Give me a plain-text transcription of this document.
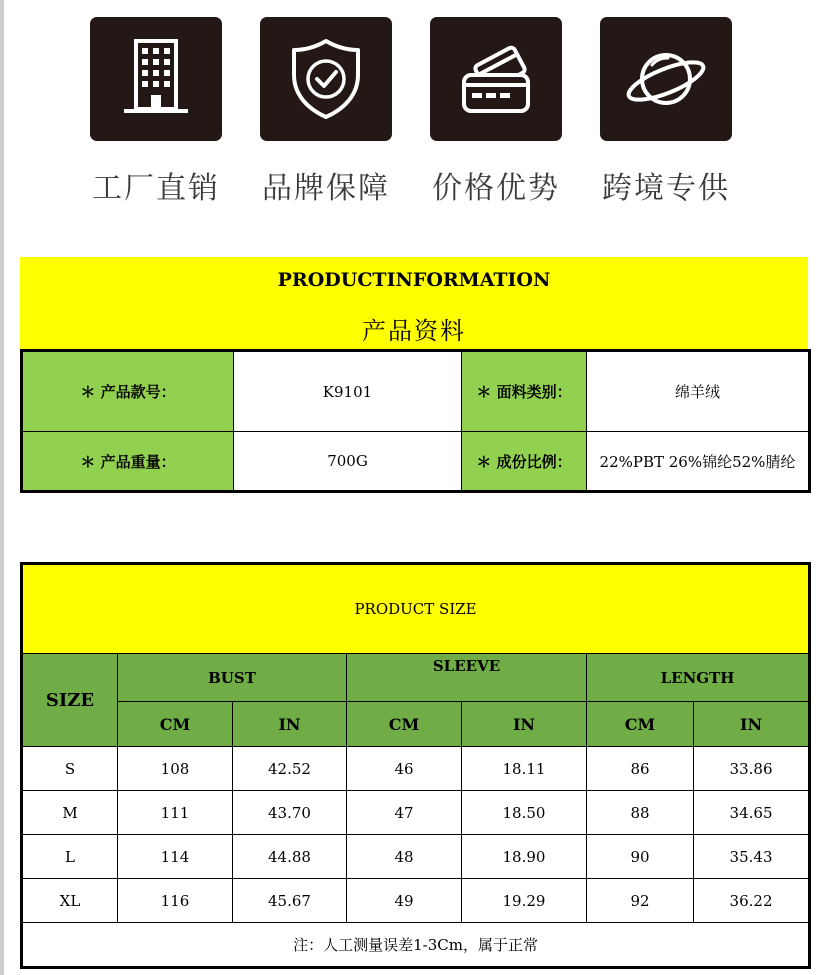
工厂直销	品牌保障	价格优势	跨境专供
PRODUCTINFORMATION
产品资料
＊ 产品款号：	K9101	＊ 面料类别：	绵羊绒
＊ 产品重量：	700G	＊ 成份比例：	22%PBT 26%锦纶52%腈纶
PRODUCT SIZE						
SIZE	BUST		SLEEVE		LENGTH	
	CM	IN	CM	IN	CM	IN
S	108	42.52	46	18.11	86	33.86
M	111	43.70	47	18.50	88	34.65
L	114	44.88	48	18.90	90	35.43
XL	116	45.67	49	19.29	92	36.22
注：人工测量误差1-3Cm，属于正常						
